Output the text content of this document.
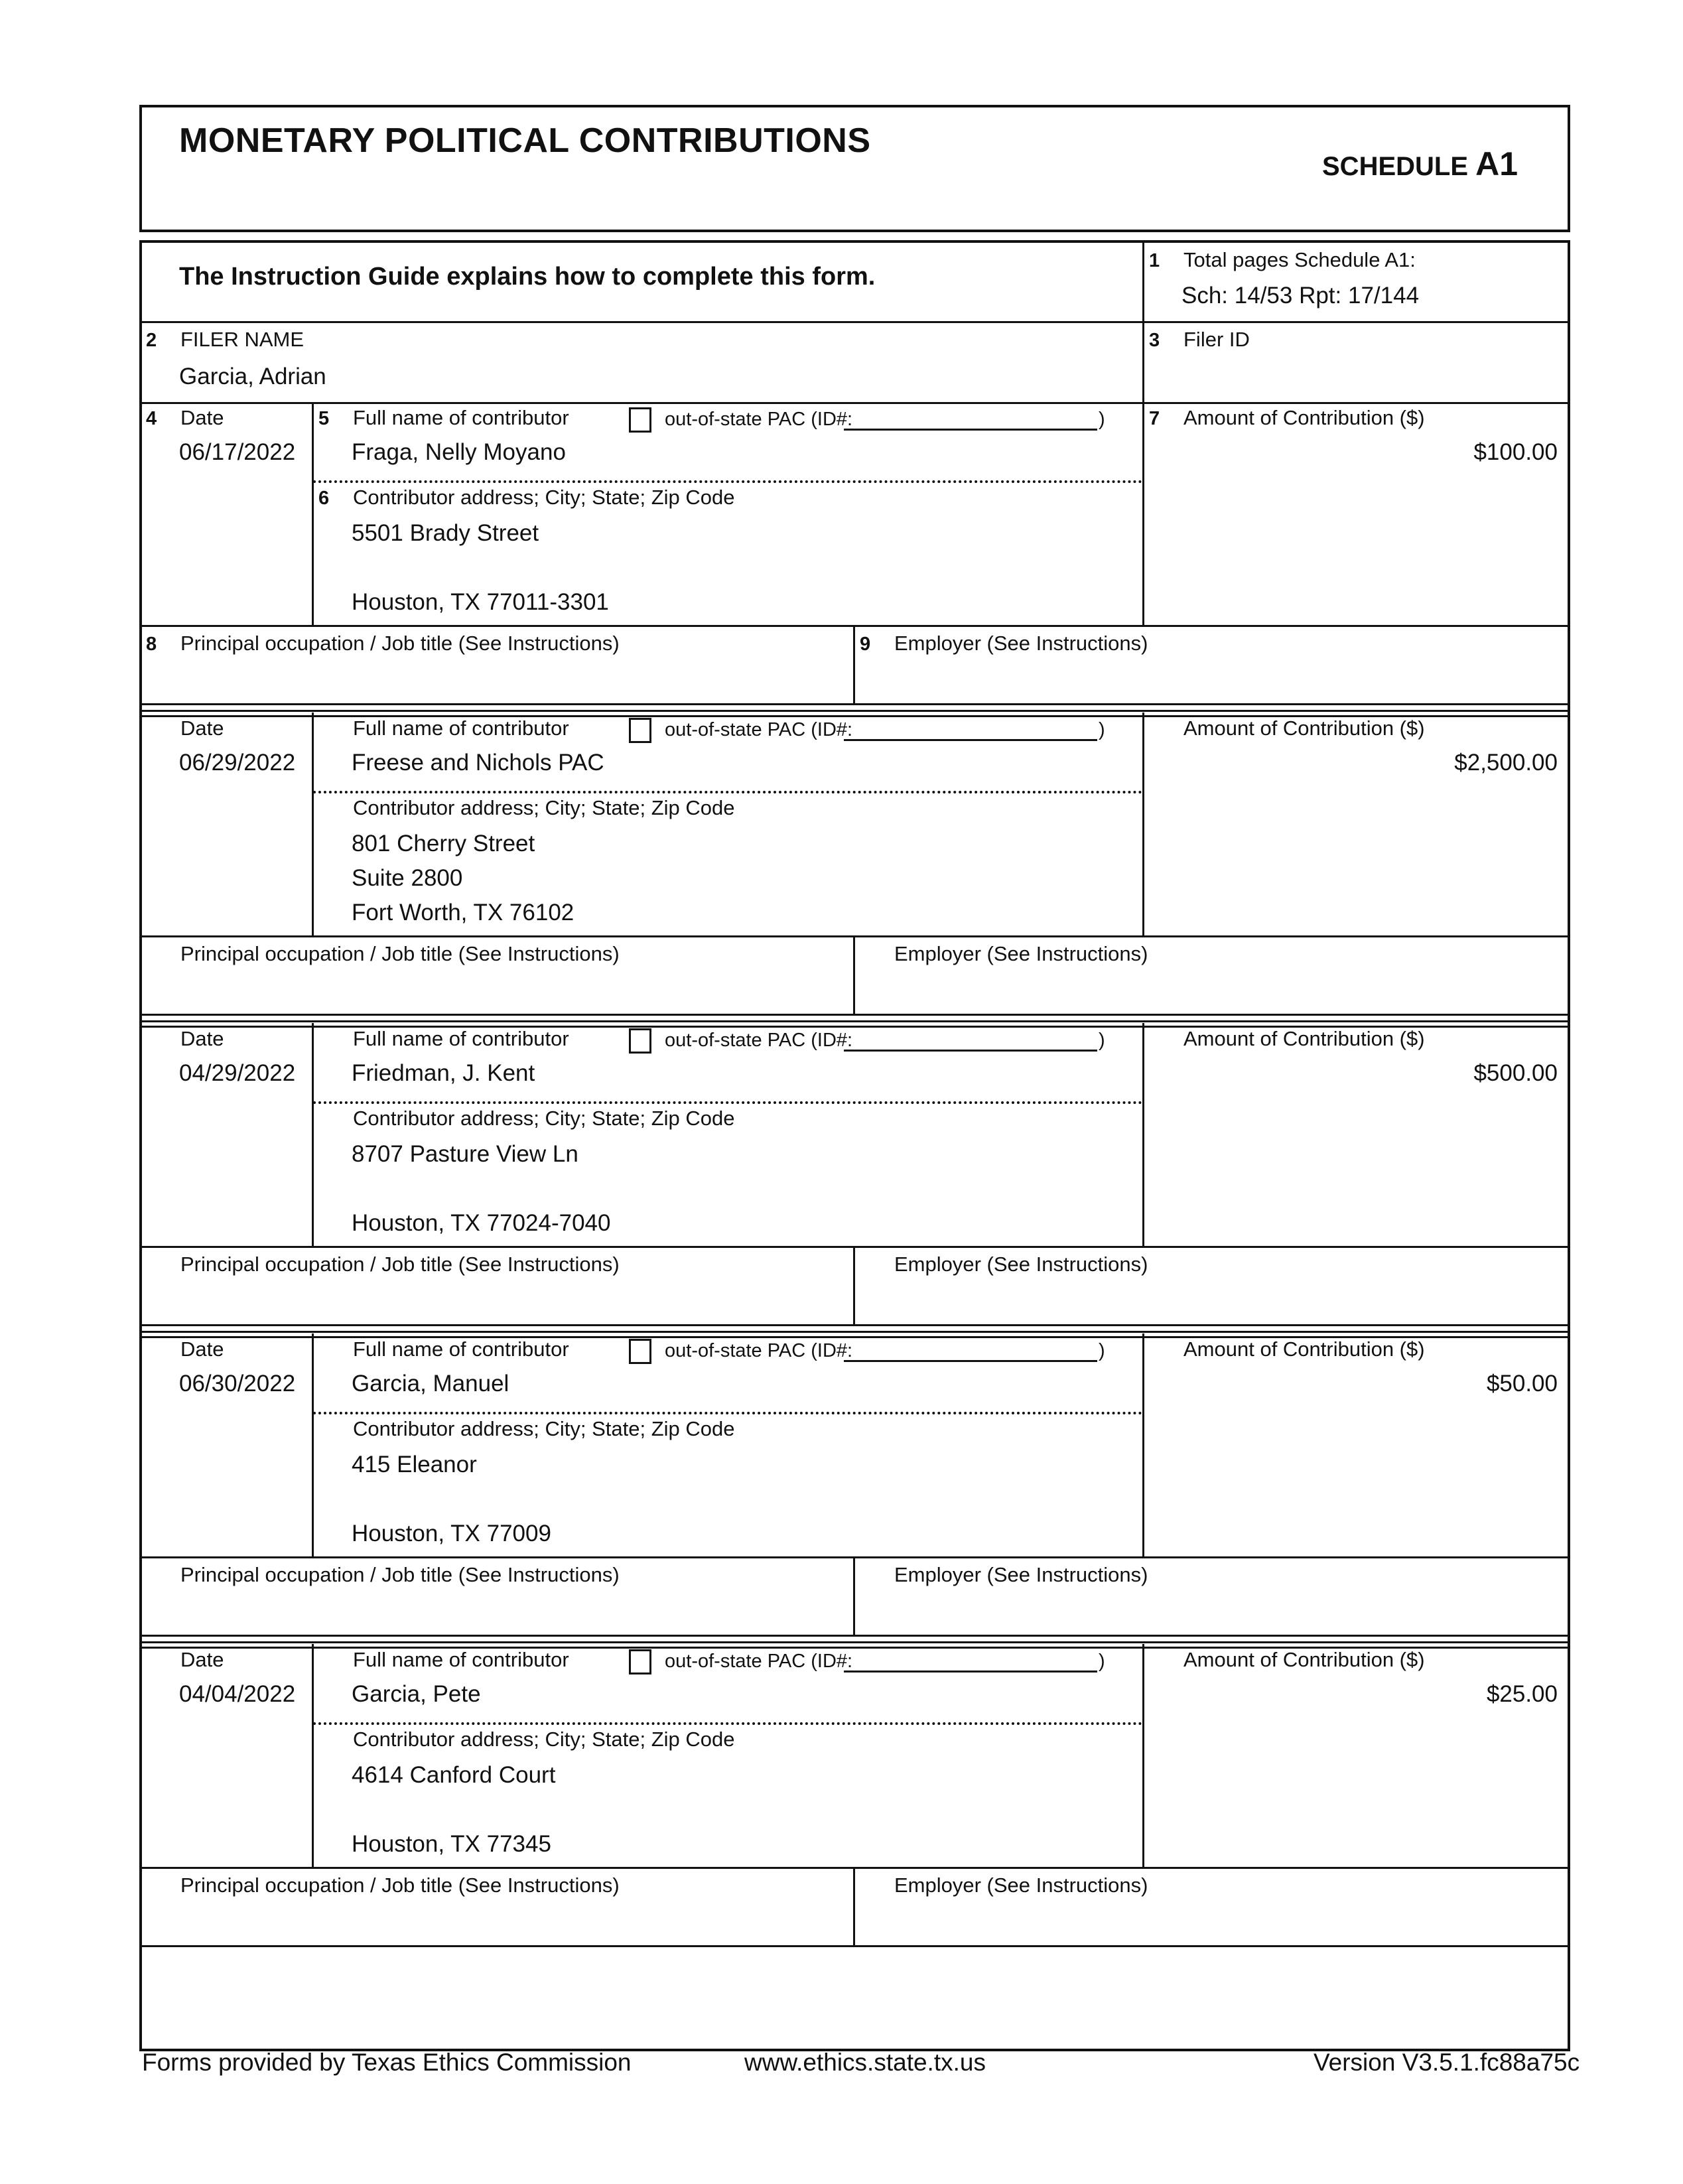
MONETARY POLITICAL CONTRIBUTIONS
SCHEDULE A1
The Instruction Guide explains how to complete this form.
1 Total pages Schedule A1:
Sch: 14/53 Rpt: 17/144
2 FILER NAME
Garcia, Adrian
3 Filer ID
4 Date
06/17/2022
5 Full name of contributor	out-of-state PAC (ID#:	)
Fraga, Nelly Moyano
6 Contributor address; City; State; Zip Code
5501 Brady Street
Houston, TX 77011-3301
7 Amount of Contribution ($)
$100.00
8 Principal occupation / Job title (See Instructions)	9 Employer (See Instructions)
Date
06/29/2022
Full name of contributor	out-of-state PAC (ID#:	)
Freese and Nichols PAC
Contributor address; City; State; Zip Code
801 Cherry Street
Suite 2800
Fort Worth, TX 76102
Amount of Contribution ($)
$2,500.00
Principal occupation / Job title (See Instructions)	Employer (See Instructions)
Date
04/29/2022
Full name of contributor	out-of-state PAC (ID#:	)
Friedman, J. Kent
Contributor address; City; State; Zip Code
8707 Pasture View Ln
Houston, TX 77024-7040
Amount of Contribution ($)
$500.00
Principal occupation / Job title (See Instructions)	Employer (See Instructions)
Date
06/30/2022
Full name of contributor	out-of-state PAC (ID#:	)
Garcia, Manuel
Contributor address; City; State; Zip Code
415 Eleanor
Houston, TX 77009
Amount of Contribution ($)
$50.00
Principal occupation / Job title (See Instructions)	Employer (See Instructions)
Date
04/04/2022
Full name of contributor	out-of-state PAC (ID#:	)
Garcia, Pete
Contributor address; City; State; Zip Code
4614 Canford Court
Houston, TX 77345
Amount of Contribution ($)
$25.00
Principal occupation / Job title (See Instructions)	Employer (See Instructions)
Forms provided by Texas Ethics Commission	www.ethics.state.tx.us	Version V3.5.1.fc88a75c
